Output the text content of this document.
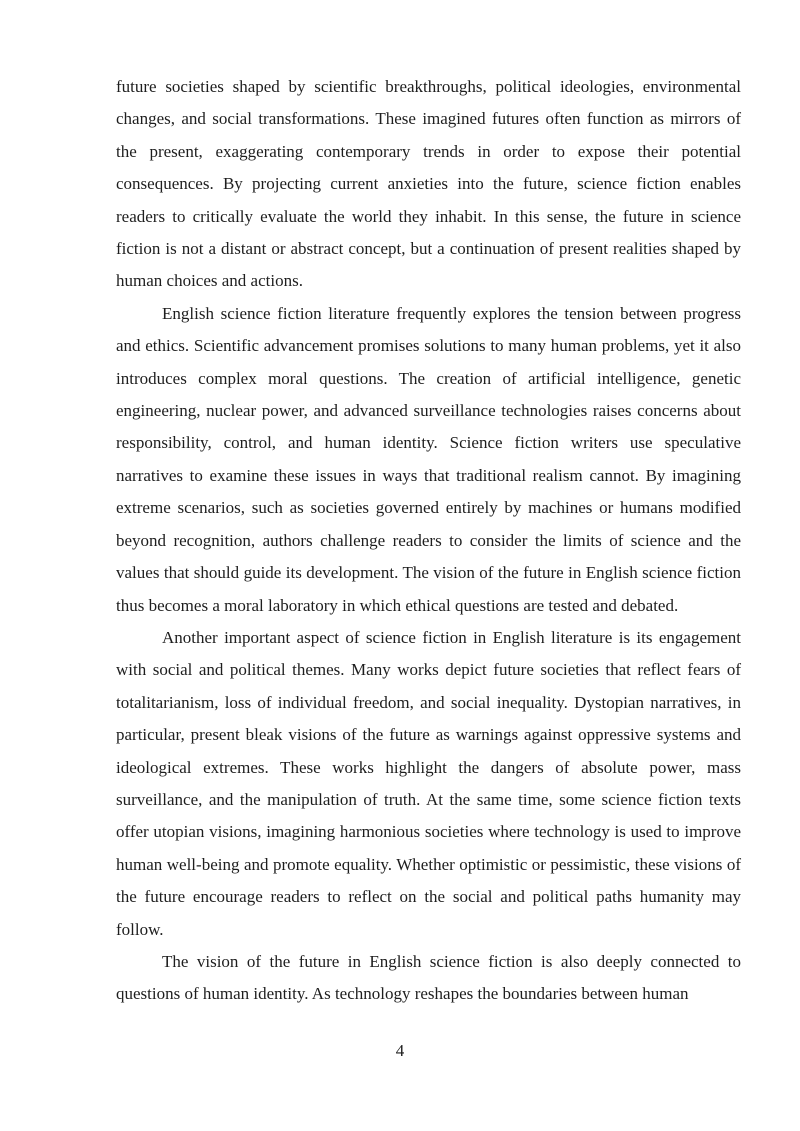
future societies shaped by scientific breakthroughs, political ideologies, environmental changes, and social transformations. These imagined futures often function as mirrors of the present, exaggerating contemporary trends in order to expose their potential consequences. By projecting current anxieties into the future, science fiction enables readers to critically evaluate the world they inhabit. In this sense, the future in science fiction is not a distant or abstract concept, but a continuation of present realities shaped by human choices and actions.

English science fiction literature frequently explores the tension between progress and ethics. Scientific advancement promises solutions to many human problems, yet it also introduces complex moral questions. The creation of artificial intelligence, genetic engineering, nuclear power, and advanced surveillance technologies raises concerns about responsibility, control, and human identity. Science fiction writers use speculative narratives to examine these issues in ways that traditional realism cannot. By imagining extreme scenarios, such as societies governed entirely by machines or humans modified beyond recognition, authors challenge readers to consider the limits of science and the values that should guide its development. The vision of the future in English science fiction thus becomes a moral laboratory in which ethical questions are tested and debated.

Another important aspect of science fiction in English literature is its engagement with social and political themes. Many works depict future societies that reflect fears of totalitarianism, loss of individual freedom, and social inequality. Dystopian narratives, in particular, present bleak visions of the future as warnings against oppressive systems and ideological extremes. These works highlight the dangers of absolute power, mass surveillance, and the manipulation of truth. At the same time, some science fiction texts offer utopian visions, imagining harmonious societies where technology is used to improve human well-being and promote equality. Whether optimistic or pessimistic, these visions of the future encourage readers to reflect on the social and political paths humanity may follow.

The vision of the future in English science fiction is also deeply connected to questions of human identity. As technology reshapes the boundaries between human

4
